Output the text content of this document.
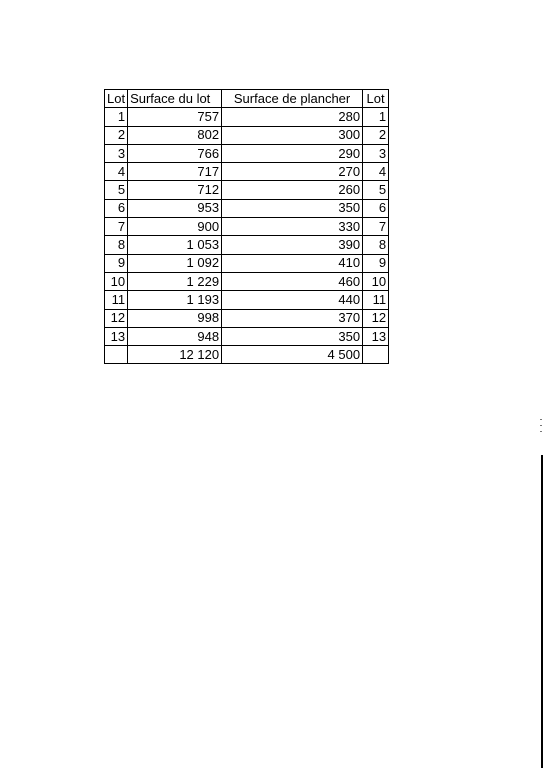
Lot	Surface du lot	Surface de plancher	Lot
1	757	280	1
2	802	300	2
3	766	290	3
4	717	270	4
5	712	260	5
6	953	350	6
7	900	330	7
8	1 053	390	8
9	1 092	410	9
10	1 229	460	10
11	1 193	440	11
12	998	370	12
13	948	350	13
	12 120	4 500	
